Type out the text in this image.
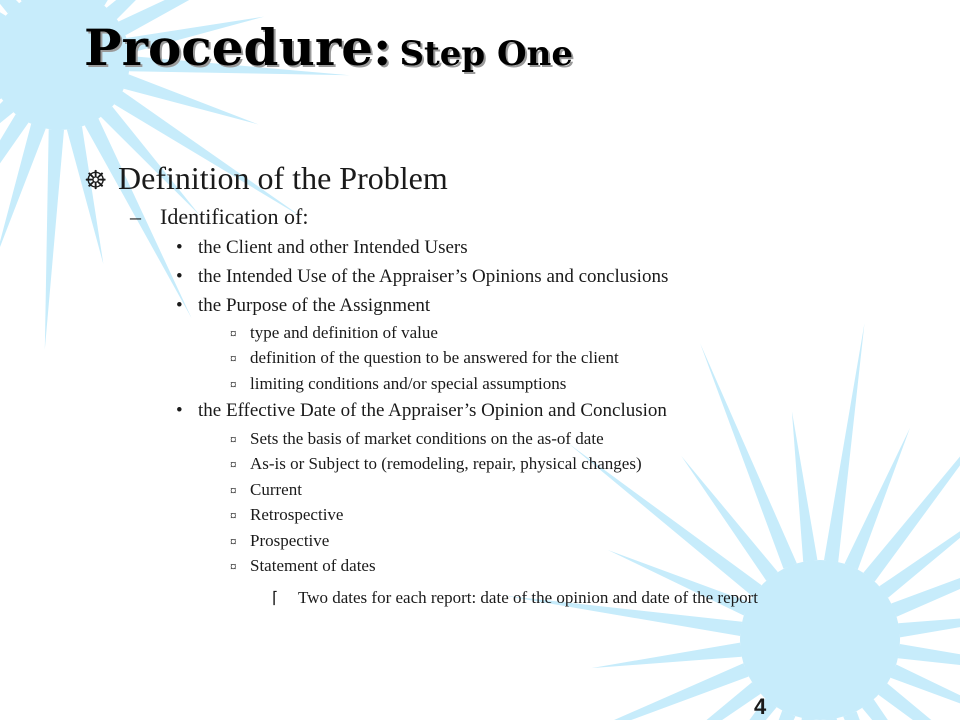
Procedure: Step One
☸ Definition of the Problem
– Identification of:
• the Client and other Intended Users
• the Intended Use of the Appraiser’s Opinions and conclusions
• the Purpose of the Assignment
¤ type and definition of value
¤ definition of the question to be answered for the client
¤ limiting conditions and/or special assumptions
• the Effective Date of the Appraiser’s Opinion and Conclusion
¤ Sets the basis of market conditions on the as-of date
¤ As-is or Subject to (remodeling, repair, physical changes)
¤ Current
¤ Retrospective
¤ Prospective
¤ Statement of dates
⌈ Two dates for each report: date of the opinion and date of the report
4
